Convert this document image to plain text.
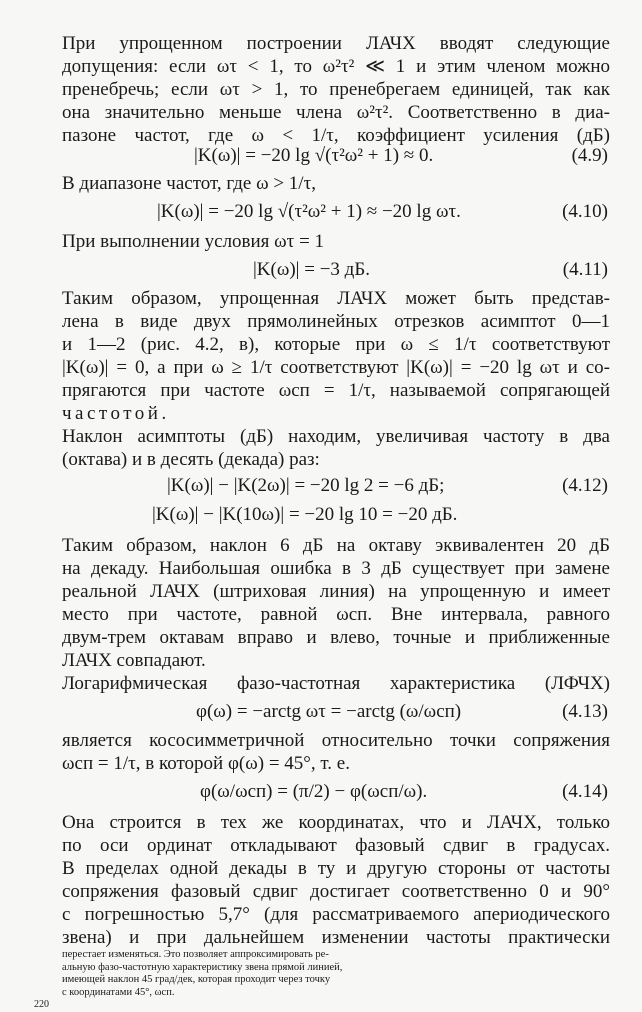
При упрощенном построении ЛАЧХ вводят следующие
допущения: если ωτ < 1, то ω²τ² ≪ 1 и этим членом можно
пренебречь; если ωτ > 1, то пренебрегаем единицей, так как
она значительно меньше члена ω²τ². Соответственно в диа-
пазоне частот, где ω < 1/τ, коэффициент усиления (дБ)
|K(ω)| = −20 lg √(τ²ω² + 1) ≈ 0.	(4.9)
В диапазоне частот, где ω > 1/τ,
|K(ω)| = −20 lg √(τ²ω² + 1) ≈ −20 lg ωτ.	(4.10)
При выполнении условия ωτ = 1
|K(ω)| = −3 дБ.	(4.11)
Таким образом, упрощенная ЛАЧХ может быть представ-
лена в виде двух прямолинейных отрезков асимптот 0—1
и 1—2 (рис. 4.2, в), которые при ω ≤ 1/τ соответствуют
|K(ω)| = 0, а при ω ≥ 1/τ соответствуют |K(ω)| = −20 lg ωτ и со-
прягаются при частоте ωсп = 1/τ, называемой сопрягающей
частотой.
Наклон асимптоты (дБ) находим, увеличивая частоту в два
(октава) и в десять (декада) раз:
|K(ω)| − |K(2ω)| = −20 lg 2 = −6 дБ;	(4.12)
|K(ω)| − |K(10ω)| = −20 lg 10 = −20 дБ.
Таким образом, наклон 6 дБ на октаву эквивалентен 20 дБ
на декаду. Наибольшая ошибка в 3 дБ существует при замене
реальной ЛАЧХ (штриховая линия) на упрощенную и имеет
место при частоте, равной ωсп. Вне интервала, равного
двум-трем октавам вправо и влево, точные и приближенные
ЛАЧХ совпадают.
Логарифмическая фазо-частотная характеристика (ЛФЧХ)
φ(ω) = −arctg ωτ = −arctg (ω/ωсп)	(4.13)
является кососимметричной относительно точки сопряжения
ωсп = 1/τ, в которой φ(ω) = 45°, т. е.
φ(ω/ωсп) = (π/2) − φ(ωсп/ω).	(4.14)
Она строится в тех же координатах, что и ЛАЧХ, только
по оси ординат откладывают фазовый сдвиг в градусах.
В пределах одной декады в ту и другую стороны от частоты
сопряжения фазовый сдвиг достигает соответственно 0 и 90°
с погрешностью 5,7° (для рассматриваемого апериодического
звена) и при дальнейшем изменении частоты практически
перестает изменяться. Это позволяет аппроксимировать ре-
альную фазо-частотную характеристику звена прямой линией,
имеющей наклон 45 град/дек, которая проходит через точку
с координатами 45°, ωсп.
220
